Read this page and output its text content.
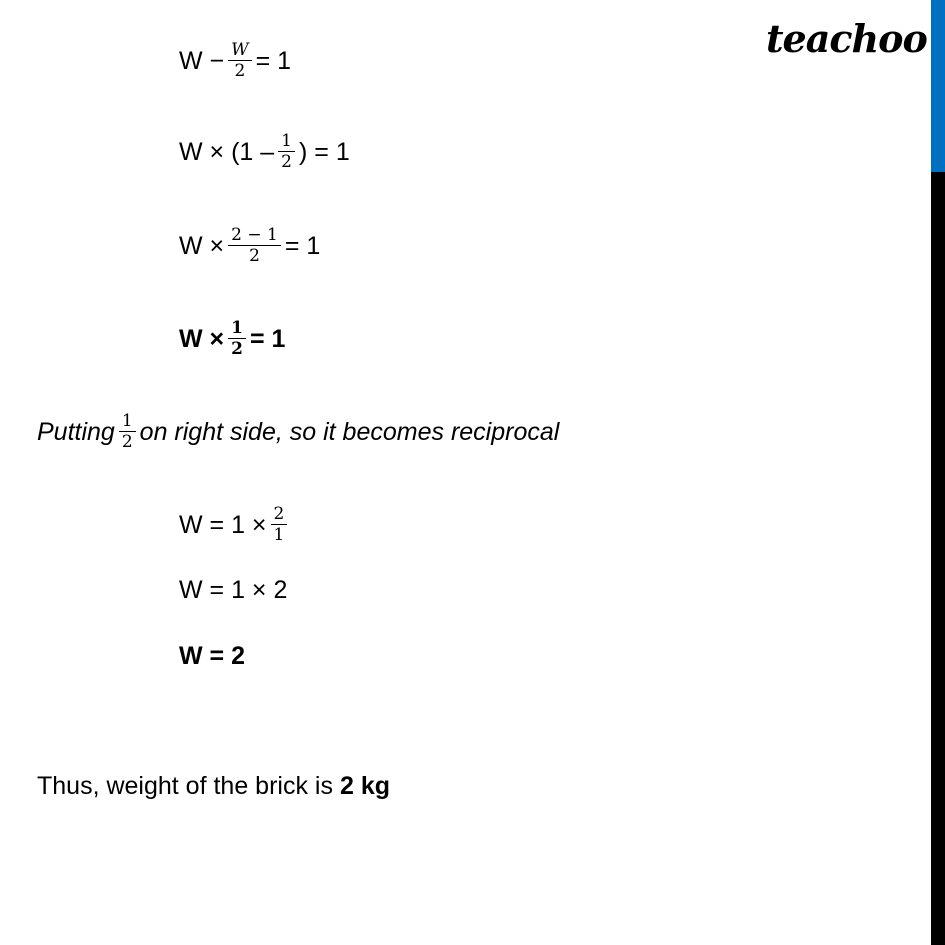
teachoo
$W - \frac{W}{2} = 1$
$W \times (1 - \frac{1}{2}$ ) = 1
$W \times \frac{2 - 1}{2} = 1$
$W \times \frac{1}{2} = 1$
Putting $\frac{1}{2}$ on right side, so it becomes reciprocal
$W = 1 \times \frac{2}{1}$
W = 1 × 2
W = 2
Thus, weight of the brick is 2 kg
